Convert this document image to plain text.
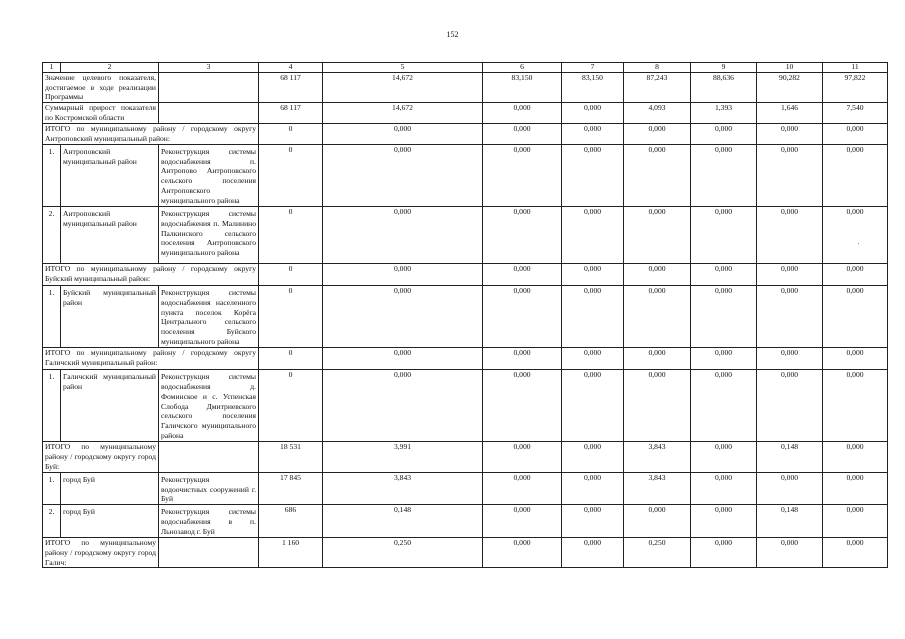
152
1	2	3	4	5	6	7	8	9	10	11
Значение целевого показателя, достигаемое в ходе реализации Программы			68 117	14,672	83,150	83,150	87,243	88,636	90,282	97,822
Суммарный прирост показателя по Костромской области			68 117	14,672	0,000	0,000	4,093	1,393	1,646	7,540
ИТОГО по муниципальному району / городскому округу Антроповский муниципальный район:			0	0,000	0,000	0,000	0,000	0,000	0,000	0,000
1.	Антроповский муниципальный район	Реконструкция системы водоснабжения п. Антропово Антроповского сельского поселения Антроповского муниципального района	0	0,000	0,000	0,000	0,000	0,000	0,000	0,000
2.	Антроповский муниципальный район	Реконструкция системы водоснабжения п. Малинино Палкинского сельского поселения Антроповского муниципального района	0	0,000	0,000	0,000	0,000	0,000	0,000	0,000
ИТОГО по муниципальному району / городскому округу Буйский муниципальный район:			0	0,000	0,000	0,000	0,000	0,000	0,000	0,000
1.	Буйский муниципальный район	Реконструкция системы водоснабжения населенного пункта поселок Корёга Центрального сельского поселения Буйского муниципального района	0	0,000	0,000	0,000	0,000	0,000	0,000	0,000
ИТОГО по муниципальному району / городскому округу Галичский муниципальный район:			0	0,000	0,000	0,000	0,000	0,000	0,000	0,000
1.	Галичский муниципальный район	Реконструкция системы водоснабжения д. Фоминское и с. Успенская Слобода Дмитриевского сельского поселения Галичского муниципального района	0	0,000	0,000	0,000	0,000	0,000	0,000	0,000
ИТОГО по муниципальному району / городскому округу город Буй:			18 531	3,991	0,000	0,000	3,843	0,000	0,148	0,000
1.	город Буй	Реконструкция водоочистных сооружений г. Буй	17 845	3,843	0,000	0,000	3,843	0,000	0,000	0,000
2.	город Буй	Реконструкция системы водоснабжения в п. Льнозавод г. Буй	686	0,148	0,000	0,000	0,000	0,000	0,148	0,000
ИТОГО по муниципальному району / городскому округу город Галич:			1 160	0,250	0,000	0,000	0,250	0,000	0,000	0,000
